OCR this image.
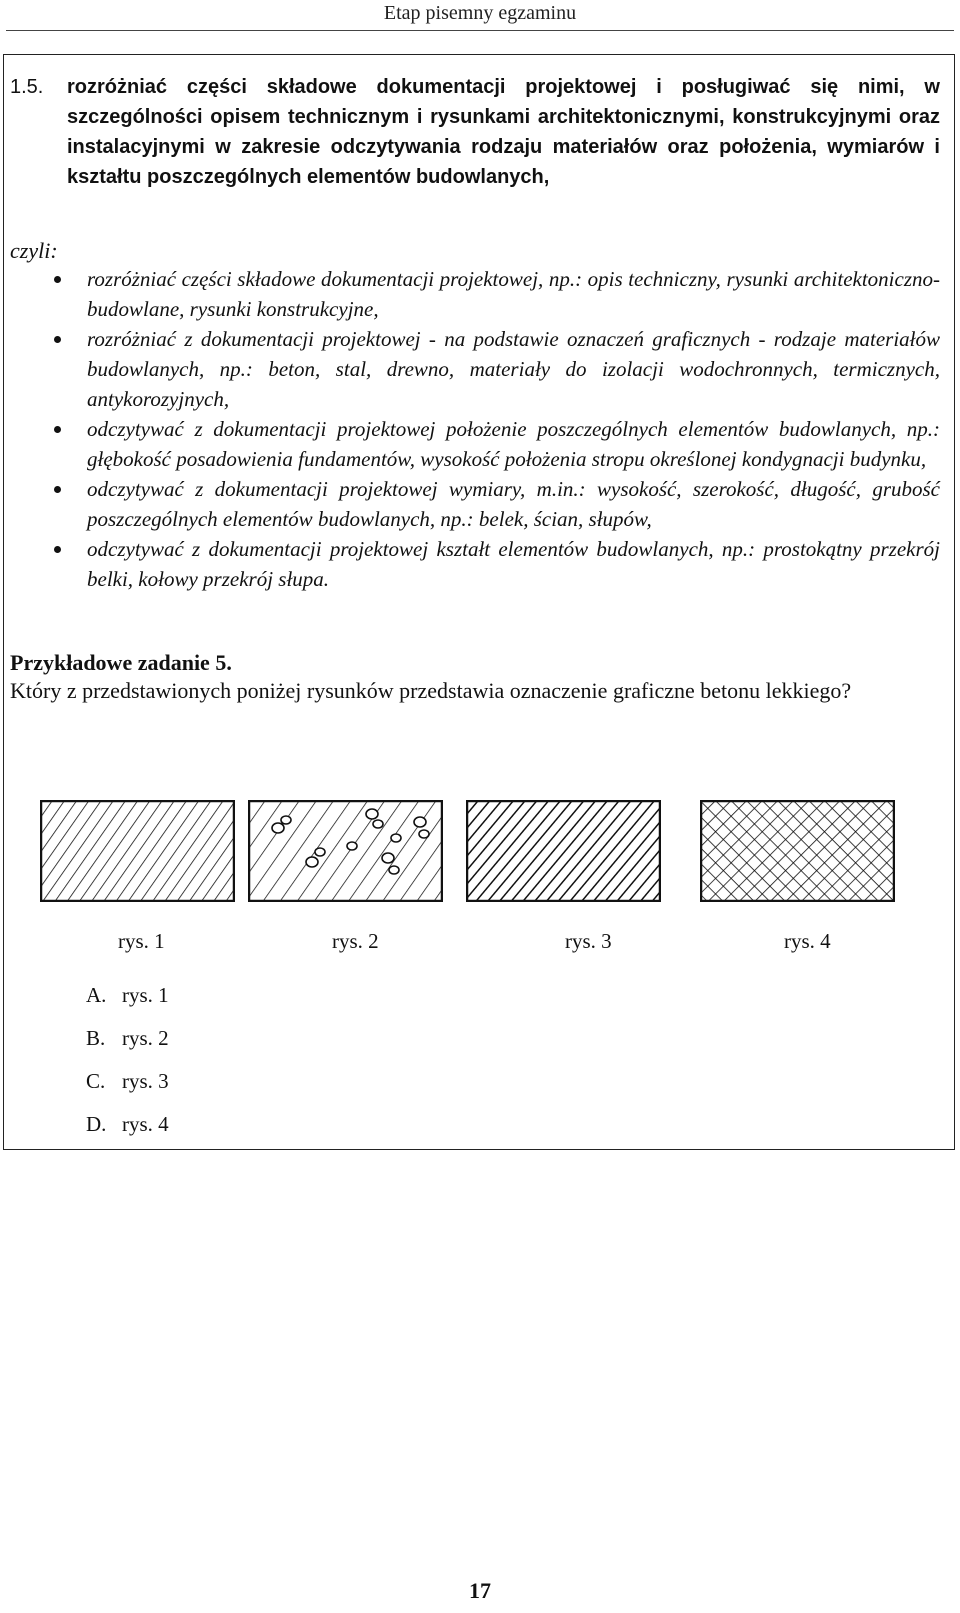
Etap pisemny egzaminu
1.5.	rozróżniać części składowe dokumentacji projektowej i posługiwać się nimi, w szczególności opisem technicznym i rysunkami architektonicznymi, konstrukcyjnymi oraz instalacyjnymi w zakresie odczytywania rodzaju materiałów oraz położenia, wymiarów i kształtu poszczególnych elementów budowlanych,
czyli:
rozróżniać części składowe dokumentacji projektowej, np.: opis techniczny, rysunki architektoniczno-budowlane, rysunki konstrukcyjne,
rozróżniać z dokumentacji projektowej - na podstawie oznaczeń graficznych - rodzaje materiałów budowlanych, np.: beton, stal, drewno, materiały do izolacji wodochronnych, termicznych, antykorozyjnych,
odczytywać z dokumentacji projektowej położenie poszczególnych elementów budowlanych, np.: głębokość posadowienia fundamentów, wysokość położenia stropu określonej kondygnacji budynku,
odczytywać z dokumentacji projektowej wymiary, m.in.: wysokość, szerokość, długość, grubość poszczególnych elementów budowlanych, np.: belek, ścian, słupów,
odczytywać z dokumentacji projektowej kształt elementów budowlanych, np.: prostokątny przekrój belki, kołowy przekrój słupa.
Przykładowe zadanie 5.
Który z przedstawionych poniżej rysunków przedstawia oznaczenie graficzne betonu lekkiego?
rys. 1	rys. 2	rys. 3	rys. 4
A. rys. 1
B. rys. 2
C. rys. 3
D. rys. 4
17
